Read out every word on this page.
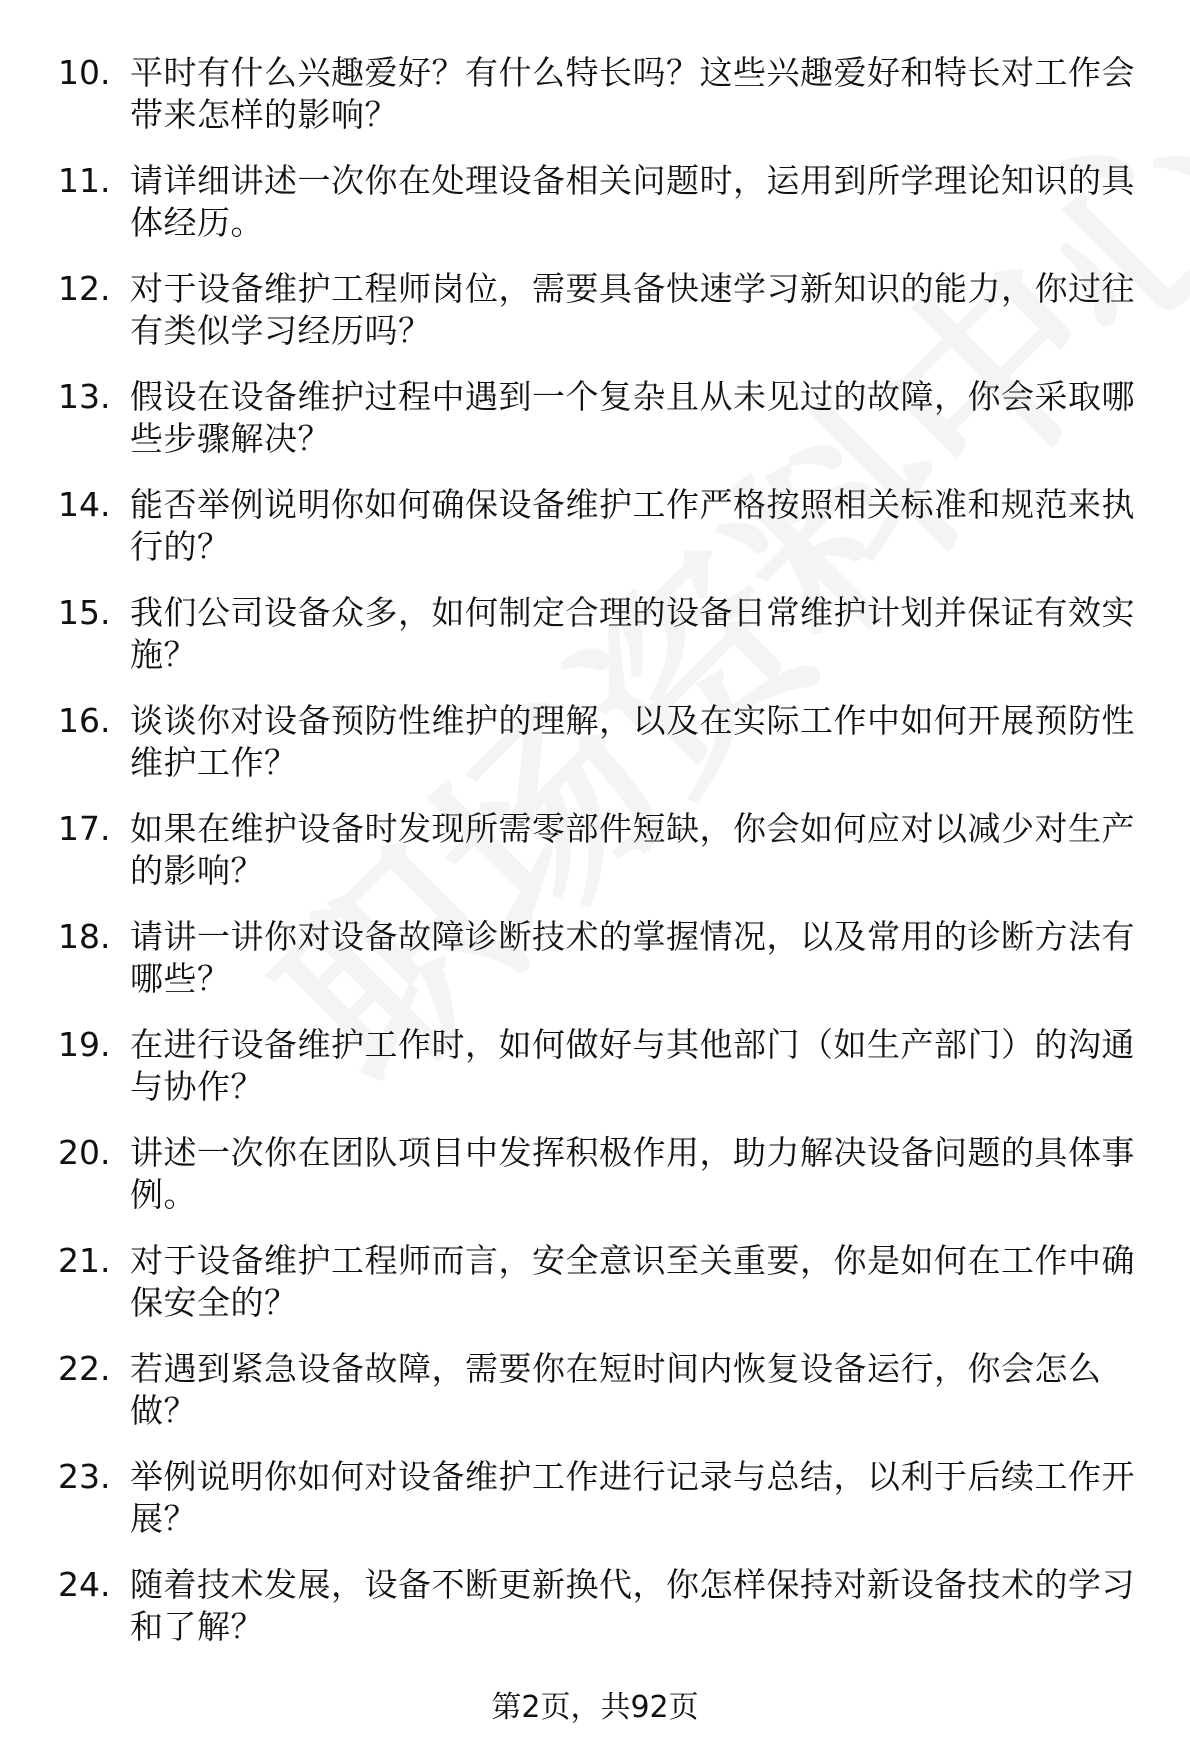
10. 平时有什么兴趣爱好？有什么特长吗？这些兴趣爱好和特长对工作会带来怎样的影响？
11. 请详细讲述一次你在处理设备相关问题时，运用到所学理论知识的具体经历。
12. 对于设备维护工程师岗位，需要具备快速学习新知识的能力，你过往有类似学习经历吗？
13. 假设在设备维护过程中遇到一个复杂且从未见过的故障，你会采取哪些步骤解决？
14. 能否举例说明你如何确保设备维护工作严格按照相关标准和规范来执行的？
15. 我们公司设备众多，如何制定合理的设备日常维护计划并保证有效实施？
16. 谈谈你对设备预防性维护的理解，以及在实际工作中如何开展预防性维护工作？
17. 如果在维护设备时发现所需零部件短缺，你会如何应对以减少对生产的影响？
18. 请讲一讲你对设备故障诊断技术的掌握情况，以及常用的诊断方法有哪些？
19. 在进行设备维护工作时，如何做好与其他部门（如生产部门）的沟通与协作？
20. 讲述一次你在团队项目中发挥积极作用，助力解决设备问题的具体事例。
21. 对于设备维护工程师而言，安全意识至关重要，你是如何在工作中确保安全的？
22. 若遇到紧急设备故障，需要你在短时间内恢复设备运行，你会怎么做？
23. 举例说明你如何对设备维护工作进行记录与总结，以利于后续工作开展？
24. 随着技术发展，设备不断更新换代，你怎样保持对新设备技术的学习和了解？
第2页，共92页
